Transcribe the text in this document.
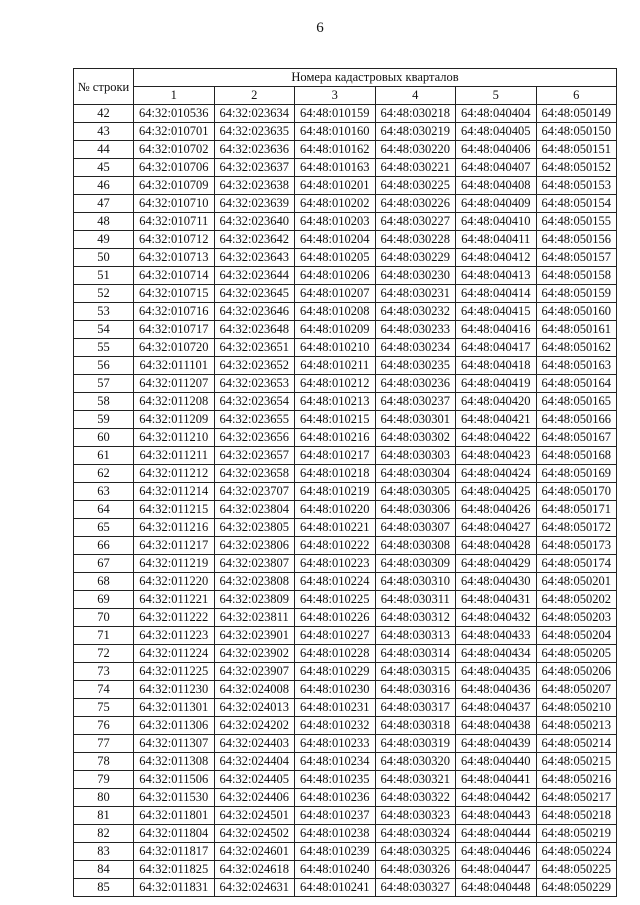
6
№ строки	Номера кадастровых кварталов					
	1	2	3	4	5	6
42	64:32:010536	64:32:023634	64:48:010159	64:48:030218	64:48:040404	64:48:050149
43	64:32:010701	64:32:023635	64:48:010160	64:48:030219	64:48:040405	64:48:050150
44	64:32:010702	64:32:023636	64:48:010162	64:48:030220	64:48:040406	64:48:050151
45	64:32:010706	64:32:023637	64:48:010163	64:48:030221	64:48:040407	64:48:050152
46	64:32:010709	64:32:023638	64:48:010201	64:48:030225	64:48:040408	64:48:050153
47	64:32:010710	64:32:023639	64:48:010202	64:48:030226	64:48:040409	64:48:050154
48	64:32:010711	64:32:023640	64:48:010203	64:48:030227	64:48:040410	64:48:050155
49	64:32:010712	64:32:023642	64:48:010204	64:48:030228	64:48:040411	64:48:050156
50	64:32:010713	64:32:023643	64:48:010205	64:48:030229	64:48:040412	64:48:050157
51	64:32:010714	64:32:023644	64:48:010206	64:48:030230	64:48:040413	64:48:050158
52	64:32:010715	64:32:023645	64:48:010207	64:48:030231	64:48:040414	64:48:050159
53	64:32:010716	64:32:023646	64:48:010208	64:48:030232	64:48:040415	64:48:050160
54	64:32:010717	64:32:023648	64:48:010209	64:48:030233	64:48:040416	64:48:050161
55	64:32:010720	64:32:023651	64:48:010210	64:48:030234	64:48:040417	64:48:050162
56	64:32:011101	64:32:023652	64:48:010211	64:48:030235	64:48:040418	64:48:050163
57	64:32:011207	64:32:023653	64:48:010212	64:48:030236	64:48:040419	64:48:050164
58	64:32:011208	64:32:023654	64:48:010213	64:48:030237	64:48:040420	64:48:050165
59	64:32:011209	64:32:023655	64:48:010215	64:48:030301	64:48:040421	64:48:050166
60	64:32:011210	64:32:023656	64:48:010216	64:48:030302	64:48:040422	64:48:050167
61	64:32:011211	64:32:023657	64:48:010217	64:48:030303	64:48:040423	64:48:050168
62	64:32:011212	64:32:023658	64:48:010218	64:48:030304	64:48:040424	64:48:050169
63	64:32:011214	64:32:023707	64:48:010219	64:48:030305	64:48:040425	64:48:050170
64	64:32:011215	64:32:023804	64:48:010220	64:48:030306	64:48:040426	64:48:050171
65	64:32:011216	64:32:023805	64:48:010221	64:48:030307	64:48:040427	64:48:050172
66	64:32:011217	64:32:023806	64:48:010222	64:48:030308	64:48:040428	64:48:050173
67	64:32:011219	64:32:023807	64:48:010223	64:48:030309	64:48:040429	64:48:050174
68	64:32:011220	64:32:023808	64:48:010224	64:48:030310	64:48:040430	64:48:050201
69	64:32:011221	64:32:023809	64:48:010225	64:48:030311	64:48:040431	64:48:050202
70	64:32:011222	64:32:023811	64:48:010226	64:48:030312	64:48:040432	64:48:050203
71	64:32:011223	64:32:023901	64:48:010227	64:48:030313	64:48:040433	64:48:050204
72	64:32:011224	64:32:023902	64:48:010228	64:48:030314	64:48:040434	64:48:050205
73	64:32:011225	64:32:023907	64:48:010229	64:48:030315	64:48:040435	64:48:050206
74	64:32:011230	64:32:024008	64:48:010230	64:48:030316	64:48:040436	64:48:050207
75	64:32:011301	64:32:024013	64:48:010231	64:48:030317	64:48:040437	64:48:050210
76	64:32:011306	64:32:024202	64:48:010232	64:48:030318	64:48:040438	64:48:050213
77	64:32:011307	64:32:024403	64:48:010233	64:48:030319	64:48:040439	64:48:050214
78	64:32:011308	64:32:024404	64:48:010234	64:48:030320	64:48:040440	64:48:050215
79	64:32:011506	64:32:024405	64:48:010235	64:48:030321	64:48:040441	64:48:050216
80	64:32:011530	64:32:024406	64:48:010236	64:48:030322	64:48:040442	64:48:050217
81	64:32:011801	64:32:024501	64:48:010237	64:48:030323	64:48:040443	64:48:050218
82	64:32:011804	64:32:024502	64:48:010238	64:48:030324	64:48:040444	64:48:050219
83	64:32:011817	64:32:024601	64:48:010239	64:48:030325	64:48:040446	64:48:050224
84	64:32:011825	64:32:024618	64:48:010240	64:48:030326	64:48:040447	64:48:050225
85	64:32:011831	64:32:024631	64:48:010241	64:48:030327	64:48:040448	64:48:050229
